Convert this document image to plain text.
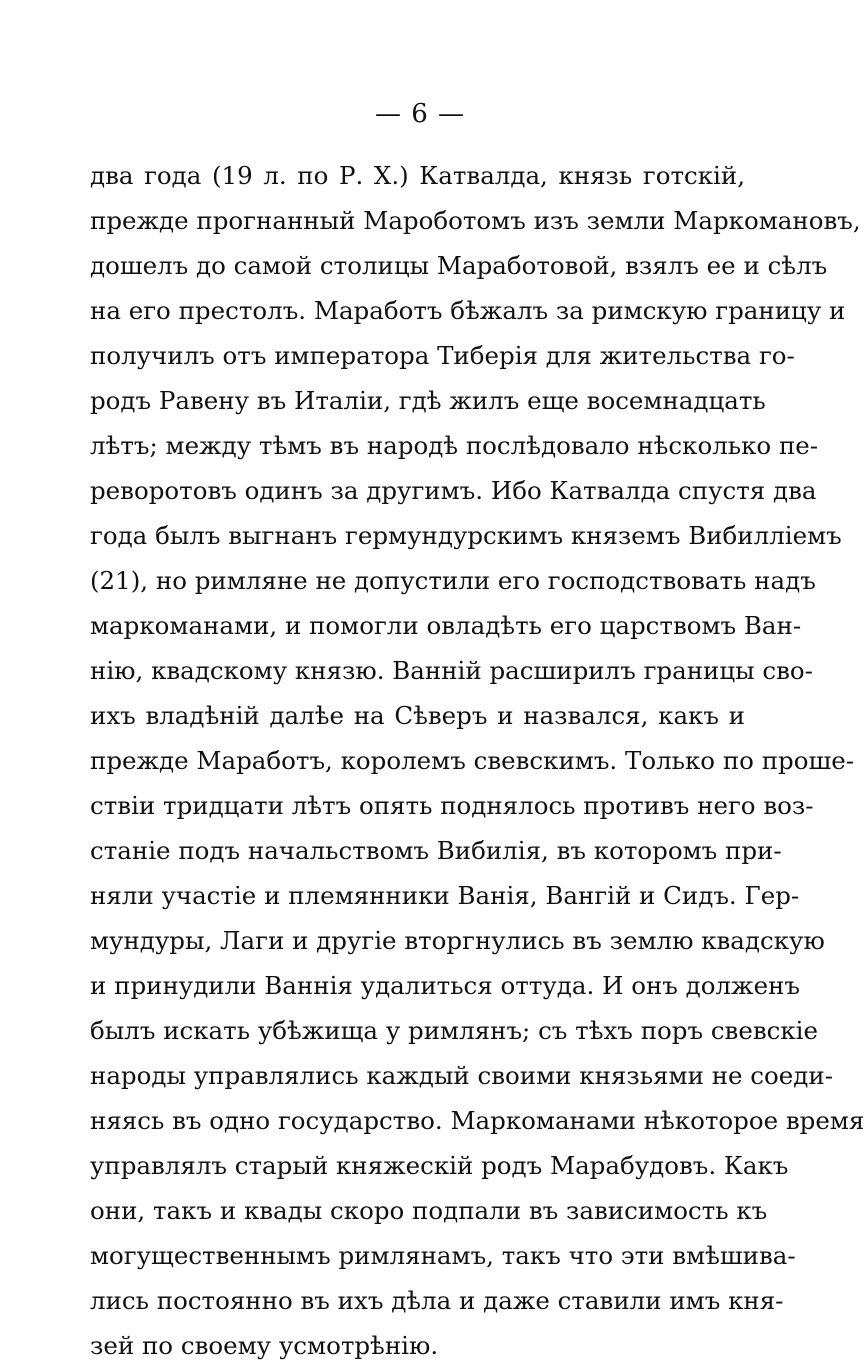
— 6 —
два года (19 л. по Р. Х.) Катвалда, князь готскій,
прежде прогнанный Мароботомъ изъ земли Маркомановъ,
дошелъ до самой столицы Маработовой, взялъ ее и сѣлъ
на его престолъ. Маработъ бѣжалъ за римскую границу и
получилъ отъ императора Тиберія для жительства го-
родъ Равену въ Италіи, гдѣ жилъ еще восемнадцать
лѣтъ; между тѣмъ въ народѣ послѣдовало нѣсколько пе-
реворотовъ одинъ за другимъ. Ибо Катвалда спустя два
года былъ выгнанъ гермундурскимъ княземъ Вибилліемъ
(21), но римляне не допустили его господствовать надъ
маркоманами, и помогли овладѣть его царствомъ Ван-
нію, квадскому князю. Ванній расширилъ границы сво-
ихъ владѣній далѣе на Сѣверъ и назвался, какъ и
прежде Маработъ, королемъ свевскимъ. Только по проше-
ствіи тридцати лѣтъ опять поднялось противъ него воз-
станіе подъ начальствомъ Вибилія, въ которомъ при-
няли участіе и племянники Ванія, Вангій и Сидъ. Гер-
мундуры, Лаги и другіе вторгнулись въ землю квадскую
и принудили Ваннія удалиться оттуда. И онъ долженъ
былъ искать убѣжища у римлянъ; съ тѣхъ поръ свевскіе
народы управлялись каждый своими князьями не соеди-
няясь въ одно государство. Маркоманами нѣкоторое время
управлялъ старый княжескій родъ Марабудовъ. Какъ
они, такъ и квады скоро подпали въ зависимость къ
могущественнымъ римлянамъ, такъ что эти вмѣшива-
лись постоянно въ ихъ дѣла и даже ставили имъ кня-
зей по своему усмотрѣнію.
